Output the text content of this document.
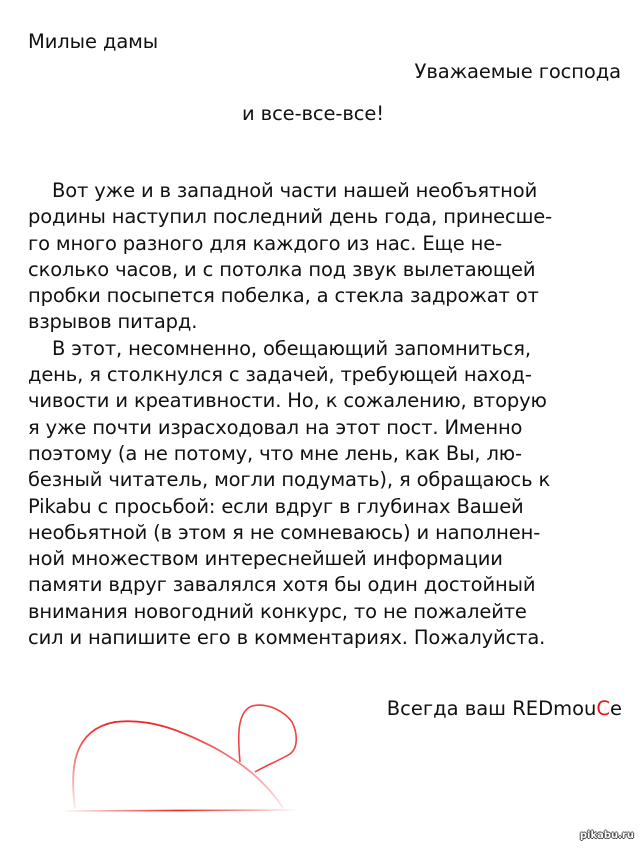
Милые дамы
Уважаемые господа
и все-все-все!
Вот уже и в западной части нашей необъятной
родины наступил последний день года, принесше-
го много разного для каждого из нас. Еще не-
сколько часов, и с потолка под звук вылетающей
пробки посыпется побелка, а стекла задрожат от
взрывов питард.
В этот, несомненно, обещающий запомниться,
день, я столкнулся с задачей, требующей наход-
чивости и креативности. Но, к сожалению, вторую
я уже почти израсходовал на этот пост. Именно
поэтому (а не потому, что мне лень, как Вы, лю-
безный читатель, могли подумать), я обращаюсь к
Pikabu с просьбой: если вдруг в глубинах Вашей
необьятной (в этом я не сомневаюсь) и наполнен-
ной множеством интереснейшей информации
памяти вдруг завалялся хотя бы один достойный
внимания новогодний конкурс, то не пожалейте
сил и напишите его в комментариях. Пожалуйста.
Всегда ваш REDmouCe
pikabu.ru
